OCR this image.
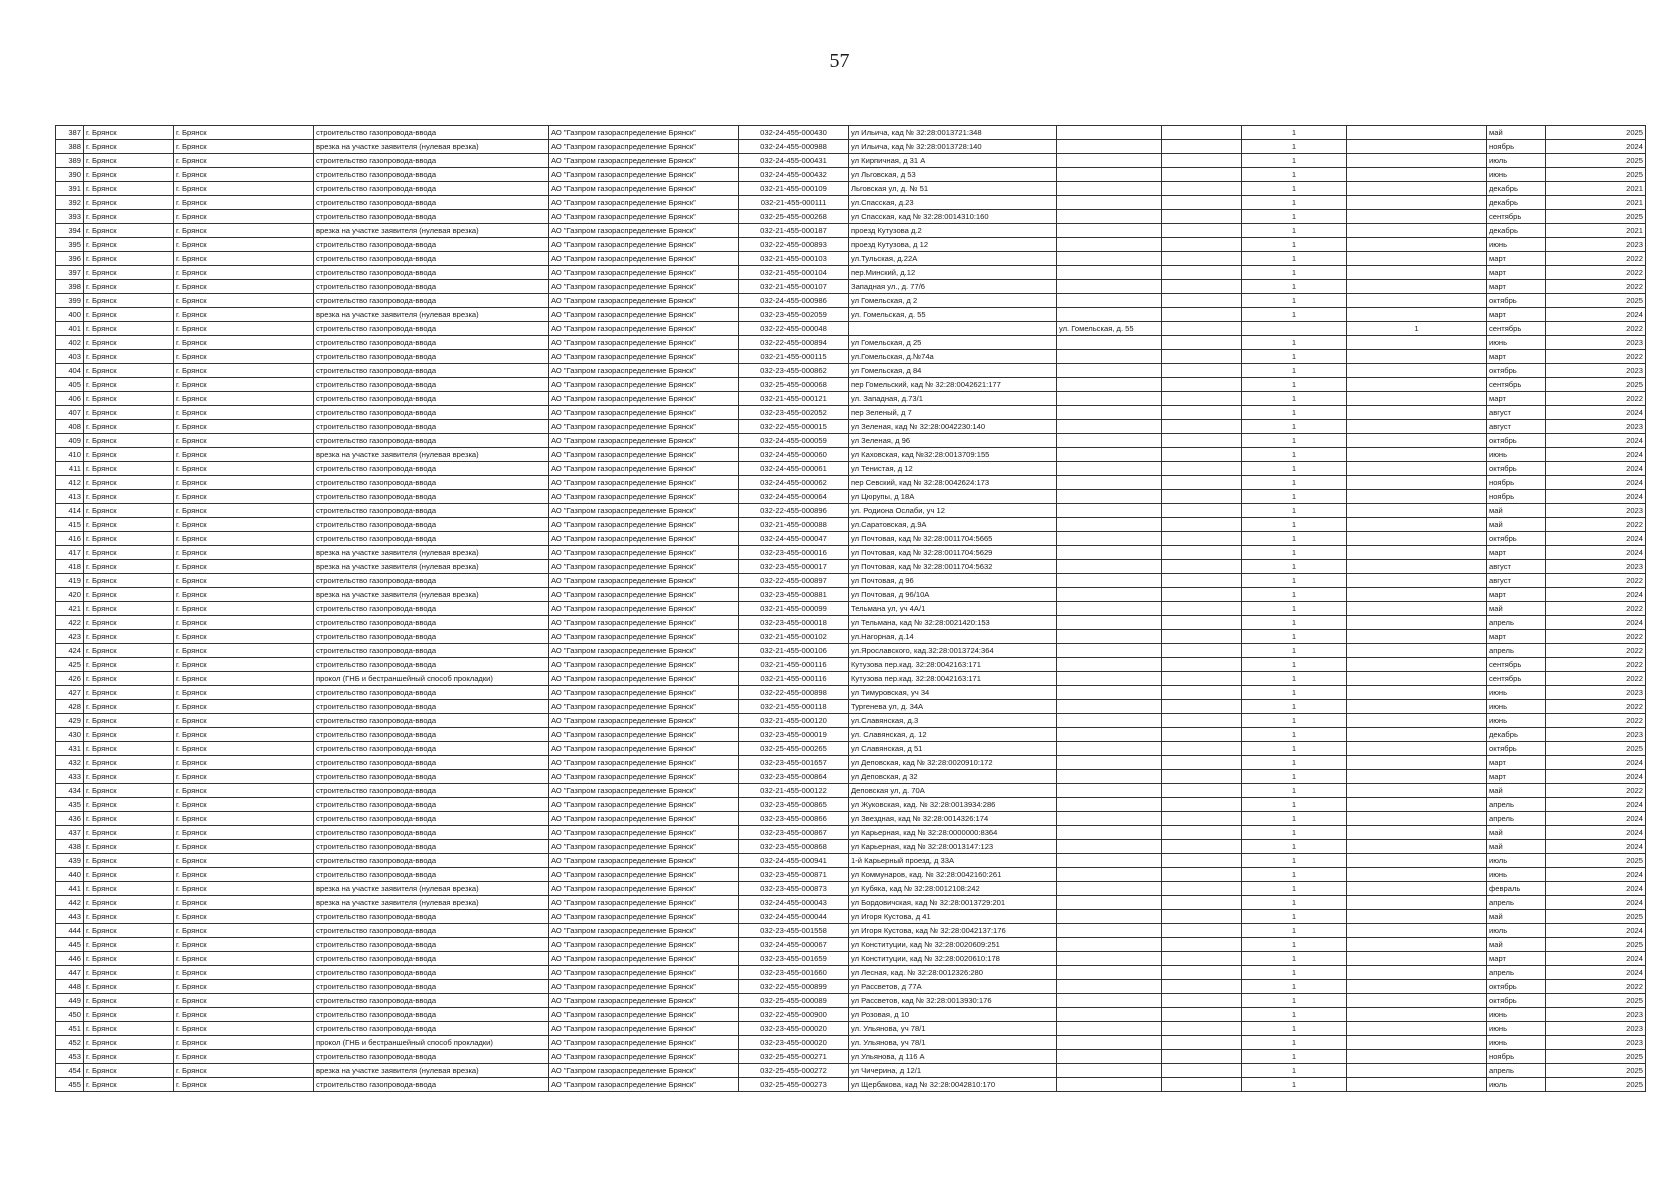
57
387	г. Брянск	г. Брянск	строительство газопровода-ввода	АО "Газпром газораспределение Брянск"	032-24-455-000430	ул Ильича, кад № 32:28:0013721:348			1		май	2025
388	г. Брянск	г. Брянск	врезка на участке заявителя (нулевая врезка)	АО "Газпром газораспределение Брянск"	032-24-455-000988	ул Ильича, кад № 32:28:0013728:140			1		ноябрь	2024
389	г. Брянск	г. Брянск	строительство газопровода-ввода	АО "Газпром газораспределение Брянск"	032-24-455-000431	ул Кирпичная, д 31 А			1		июль	2025
390	г. Брянск	г. Брянск	строительство газопровода-ввода	АО "Газпром газораспределение Брянск"	032-24-455-000432	ул Льговская, д 53			1		июнь	2025
391	г. Брянск	г. Брянск	строительство газопровода-ввода	АО "Газпром газораспределение Брянск"	032-21-455-000109	Льговская ул, д. № 51			1		декабрь	2021
392	г. Брянск	г. Брянск	строительство газопровода-ввода	АО "Газпром газораспределение Брянск"	032-21-455-000111	ул.Спасская, д.23			1		декабрь	2021
393	г. Брянск	г. Брянск	строительство газопровода-ввода	АО "Газпром газораспределение Брянск"	032-25-455-000268	ул Спасская, кад № 32:28:0014310:160			1		сентябрь	2025
394	г. Брянск	г. Брянск	врезка на участке заявителя (нулевая врезка)	АО "Газпром газораспределение Брянск"	032-21-455-000187	проезд Кутузова д.2			1		декабрь	2021
395	г. Брянск	г. Брянск	строительство газопровода-ввода	АО "Газпром газораспределение Брянск"	032-22-455-000893	проезд Кутузова, д 12			1		июнь	2023
396	г. Брянск	г. Брянск	строительство газопровода-ввода	АО "Газпром газораспределение Брянск"	032-21-455-000103	ул.Тульская, д.22А			1		март	2022
397	г. Брянск	г. Брянск	строительство газопровода-ввода	АО "Газпром газораспределение Брянск"	032-21-455-000104	пер.Минский, д.12			1		март	2022
398	г. Брянск	г. Брянск	строительство газопровода-ввода	АО "Газпром газораспределение Брянск"	032-21-455-000107	Западная ул., д. 77/6			1		март	2022
399	г. Брянск	г. Брянск	строительство газопровода-ввода	АО "Газпром газораспределение Брянск"	032-24-455-000986	ул Гомельская, д 2			1		октябрь	2025
400	г. Брянск	г. Брянск	врезка на участке заявителя (нулевая врезка)	АО "Газпром газораспределение Брянск"	032-23-455-002059	ул. Гомельская, д. 55			1		март	2024
401	г. Брянск	г. Брянск	строительство газопровода-ввода	АО "Газпром газораспределение Брянск"	032-22-455-000048		ул. Гомельская, д. 55			1	сентябрь	2022
402	г. Брянск	г. Брянск	строительство газопровода-ввода	АО "Газпром газораспределение Брянск"	032-22-455-000894	ул Гомельская, д 25			1		июнь	2023
403	г. Брянск	г. Брянск	строительство газопровода-ввода	АО "Газпром газораспределение Брянск"	032-21-455-000115	ул.Гомельская, д.№74а			1		март	2022
404	г. Брянск	г. Брянск	строительство газопровода-ввода	АО "Газпром газораспределение Брянск"	032-23-455-000862	ул Гомельская, д 84			1		октябрь	2023
405	г. Брянск	г. Брянск	строительство газопровода-ввода	АО "Газпром газораспределение Брянск"	032-25-455-000068	пер Гомельский, кад № 32:28:0042621:177			1		сентябрь	2025
406	г. Брянск	г. Брянск	строительство газопровода-ввода	АО "Газпром газораспределение Брянск"	032-21-455-000121	ул. Западная, д.73/1			1		март	2022
407	г. Брянск	г. Брянск	строительство газопровода-ввода	АО "Газпром газораспределение Брянск"	032-23-455-002052	пер Зеленый, д 7			1		август	2024
408	г. Брянск	г. Брянск	строительство газопровода-ввода	АО "Газпром газораспределение Брянск"	032-22-455-000015	ул Зеленая, кад № 32:28:0042230:140			1		август	2023
409	г. Брянск	г. Брянск	строительство газопровода-ввода	АО "Газпром газораспределение Брянск"	032-24-455-000059	ул Зеленая, д 96			1		октябрь	2024
410	г. Брянск	г. Брянск	врезка на участке заявителя (нулевая врезка)	АО "Газпром газораспределение Брянск"	032-24-455-000060	ул Каховская, кад №32:28:0013709:155			1		июнь	2024
411	г. Брянск	г. Брянск	строительство газопровода-ввода	АО "Газпром газораспределение Брянск"	032-24-455-000061	ул Тенистая, д 12			1		октябрь	2024
412	г. Брянск	г. Брянск	строительство газопровода-ввода	АО "Газпром газораспределение Брянск"	032-24-455-000062	пер Севский, кад № 32:28:0042624:173			1		ноябрь	2024
413	г. Брянск	г. Брянск	строительство газопровода-ввода	АО "Газпром газораспределение Брянск"	032-24-455-000064	ул Цюрупы, д 18А			1		ноябрь	2024
414	г. Брянск	г. Брянск	строительство газопровода-ввода	АО "Газпром газораспределение Брянск"	032-22-455-000896	ул. Родиона Ослаби, уч 12			1		май	2023
415	г. Брянск	г. Брянск	строительство газопровода-ввода	АО "Газпром газораспределение Брянск"	032-21-455-000088	ул.Саратовская, д.9А			1		май	2022
416	г. Брянск	г. Брянск	строительство газопровода-ввода	АО "Газпром газораспределение Брянск"	032-24-455-000047	ул Почтовая, кад № 32:28:0011704:5665			1		октябрь	2024
417	г. Брянск	г. Брянск	врезка на участке заявителя (нулевая врезка)	АО "Газпром газораспределение Брянск"	032-23-455-000016	ул Почтовая, кад № 32:28:0011704:5629			1		март	2024
418	г. Брянск	г. Брянск	врезка на участке заявителя (нулевая врезка)	АО "Газпром газораспределение Брянск"	032-23-455-000017	ул Почтовая, кад № 32:28:0011704:5632			1		август	2023
419	г. Брянск	г. Брянск	строительство газопровода-ввода	АО "Газпром газораспределение Брянск"	032-22-455-000897	ул Почтовая, д 96			1		август	2022
420	г. Брянск	г. Брянск	врезка на участке заявителя (нулевая врезка)	АО "Газпром газораспределение Брянск"	032-23-455-000881	ул Почтовая, д 96/10А			1		март	2024
421	г. Брянск	г. Брянск	строительство газопровода-ввода	АО "Газпром газораспределение Брянск"	032-21-455-000099	Тельмана ул, уч 4А/1			1		май	2022
422	г. Брянск	г. Брянск	строительство газопровода-ввода	АО "Газпром газораспределение Брянск"	032-23-455-000018	ул Тельмана, кад № 32:28:0021420:153			1		апрель	2024
423	г. Брянск	г. Брянск	строительство газопровода-ввода	АО "Газпром газораспределение Брянск"	032-21-455-000102	ул.Нагорная, д.14			1		март	2022
424	г. Брянск	г. Брянск	строительство газопровода-ввода	АО "Газпром газораспределение Брянск"	032-21-455-000106	ул.Ярославского, кад.32:28:0013724:364			1		апрель	2022
425	г. Брянск	г. Брянск	строительство газопровода-ввода	АО "Газпром газораспределение Брянск"	032-21-455-000116	Кутузова пер.кад. 32:28:0042163:171			1		сентябрь	2022
426	г. Брянск	г. Брянск	прокол (ГНБ и бестраншейный способ прокладки)	АО "Газпром газораспределение Брянск"	032-21-455-000116	Кутузова пер.кад. 32:28:0042163:171			1		сентябрь	2022
427	г. Брянск	г. Брянск	строительство газопровода-ввода	АО "Газпром газораспределение Брянск"	032-22-455-000898	ул Тимуровская, уч 34			1		июнь	2023
428	г. Брянск	г. Брянск	строительство газопровода-ввода	АО "Газпром газораспределение Брянск"	032-21-455-000118	Тургенева ул, д. 34А			1		июнь	2022
429	г. Брянск	г. Брянск	строительство газопровода-ввода	АО "Газпром газораспределение Брянск"	032-21-455-000120	ул.Славянская, д.3			1		июнь	2022
430	г. Брянск	г. Брянск	строительство газопровода-ввода	АО "Газпром газораспределение Брянск"	032-23-455-000019	ул. Славянская, д. 12			1		декабрь	2023
431	г. Брянск	г. Брянск	строительство газопровода-ввода	АО "Газпром газораспределение Брянск"	032-25-455-000265	ул Славянская, д 51			1		октябрь	2025
432	г. Брянск	г. Брянск	строительство газопровода-ввода	АО "Газпром газораспределение Брянск"	032-23-455-001657	ул Деповская, кад № 32:28:0020910:172			1		март	2024
433	г. Брянск	г. Брянск	строительство газопровода-ввода	АО "Газпром газораспределение Брянск"	032-23-455-000864	ул Деповская, д 32			1		март	2024
434	г. Брянск	г. Брянск	строительство газопровода-ввода	АО "Газпром газораспределение Брянск"	032-21-455-000122	Деповская ул, д. 70А			1		май	2022
435	г. Брянск	г. Брянск	строительство газопровода-ввода	АО "Газпром газораспределение Брянск"	032-23-455-000865	ул Жуковская, кад. № 32:28:0013934:286			1		апрель	2024
436	г. Брянск	г. Брянск	строительство газопровода-ввода	АО "Газпром газораспределение Брянск"	032-23-455-000866	ул Звездная, кад № 32:28:0014326:174			1		апрель	2024
437	г. Брянск	г. Брянск	строительство газопровода-ввода	АО "Газпром газораспределение Брянск"	032-23-455-000867	ул Карьерная, кад № 32:28:0000000:8364			1		май	2024
438	г. Брянск	г. Брянск	строительство газопровода-ввода	АО "Газпром газораспределение Брянск"	032-23-455-000868	ул Карьерная, кад № 32:28:0013147:123			1		май	2024
439	г. Брянск	г. Брянск	строительство газопровода-ввода	АО "Газпром газораспределение Брянск"	032-24-455-000941	1-й Карьерный проезд, д 33А			1		июль	2025
440	г. Брянск	г. Брянск	строительство газопровода-ввода	АО "Газпром газораспределение Брянск"	032-23-455-000871	ул Коммунаров, кад. № 32:28:0042160:261			1		июнь	2024
441	г. Брянск	г. Брянск	врезка на участке заявителя (нулевая врезка)	АО "Газпром газораспределение Брянск"	032-23-455-000873	ул Кубяка, кад № 32:28:0012108:242			1		февраль	2024
442	г. Брянск	г. Брянск	врезка на участке заявителя (нулевая врезка)	АО "Газпром газораспределение Брянск"	032-24-455-000043	ул Бордовичская, кад № 32:28:0013729:201			1		апрель	2024
443	г. Брянск	г. Брянск	строительство газопровода-ввода	АО "Газпром газораспределение Брянск"	032-24-455-000044	ул Игоря Кустова, д 41			1		май	2025
444	г. Брянск	г. Брянск	строительство газопровода-ввода	АО "Газпром газораспределение Брянск"	032-23-455-001558	ул Игоря Кустова, кад № 32:28:0042137:176			1		июль	2024
445	г. Брянск	г. Брянск	строительство газопровода-ввода	АО "Газпром газораспределение Брянск"	032-24-455-000067	ул Конституции, кад № 32:28:0020609:251			1		май	2025
446	г. Брянск	г. Брянск	строительство газопровода-ввода	АО "Газпром газораспределение Брянск"	032-23-455-001659	ул Конституции, кад № 32:28:0020610:178			1		март	2024
447	г. Брянск	г. Брянск	строительство газопровода-ввода	АО "Газпром газораспределение Брянск"	032-23-455-001660	ул Лесная, кад. № 32:28:0012326:280			1		апрель	2024
448	г. Брянск	г. Брянск	строительство газопровода-ввода	АО "Газпром газораспределение Брянск"	032-22-455-000899	ул Рассветов, д 77А			1		октябрь	2022
449	г. Брянск	г. Брянск	строительство газопровода-ввода	АО "Газпром газораспределение Брянск"	032-25-455-000089	ул Рассветов, кад № 32:28:0013930:176			1		октябрь	2025
450	г. Брянск	г. Брянск	строительство газопровода-ввода	АО "Газпром газораспределение Брянск"	032-22-455-000900	ул Розовая, д 10			1		июнь	2023
451	г. Брянск	г. Брянск	строительство газопровода-ввода	АО "Газпром газораспределение Брянск"	032-23-455-000020	ул. Ульянова, уч 78/1			1		июнь	2023
452	г. Брянск	г. Брянск	прокол (ГНБ и бестраншейный способ прокладки)	АО "Газпром газораспределение Брянск"	032-23-455-000020	ул. Ульянова, уч 78/1			1		июнь	2023
453	г. Брянск	г. Брянск	строительство газопровода-ввода	АО "Газпром газораспределение Брянск"	032-25-455-000271	ул Ульянова, д 116 А			1		ноябрь	2025
454	г. Брянск	г. Брянск	врезка на участке заявителя (нулевая врезка)	АО "Газпром газораспределение Брянск"	032-25-455-000272	ул Чичерина, д 12/1			1		апрель	2025
455	г. Брянск	г. Брянск	строительство газопровода-ввода	АО "Газпром газораспределение Брянск"	032-25-455-000273	ул Щербакова, кад № 32:28:0042810:170			1		июль	2025
